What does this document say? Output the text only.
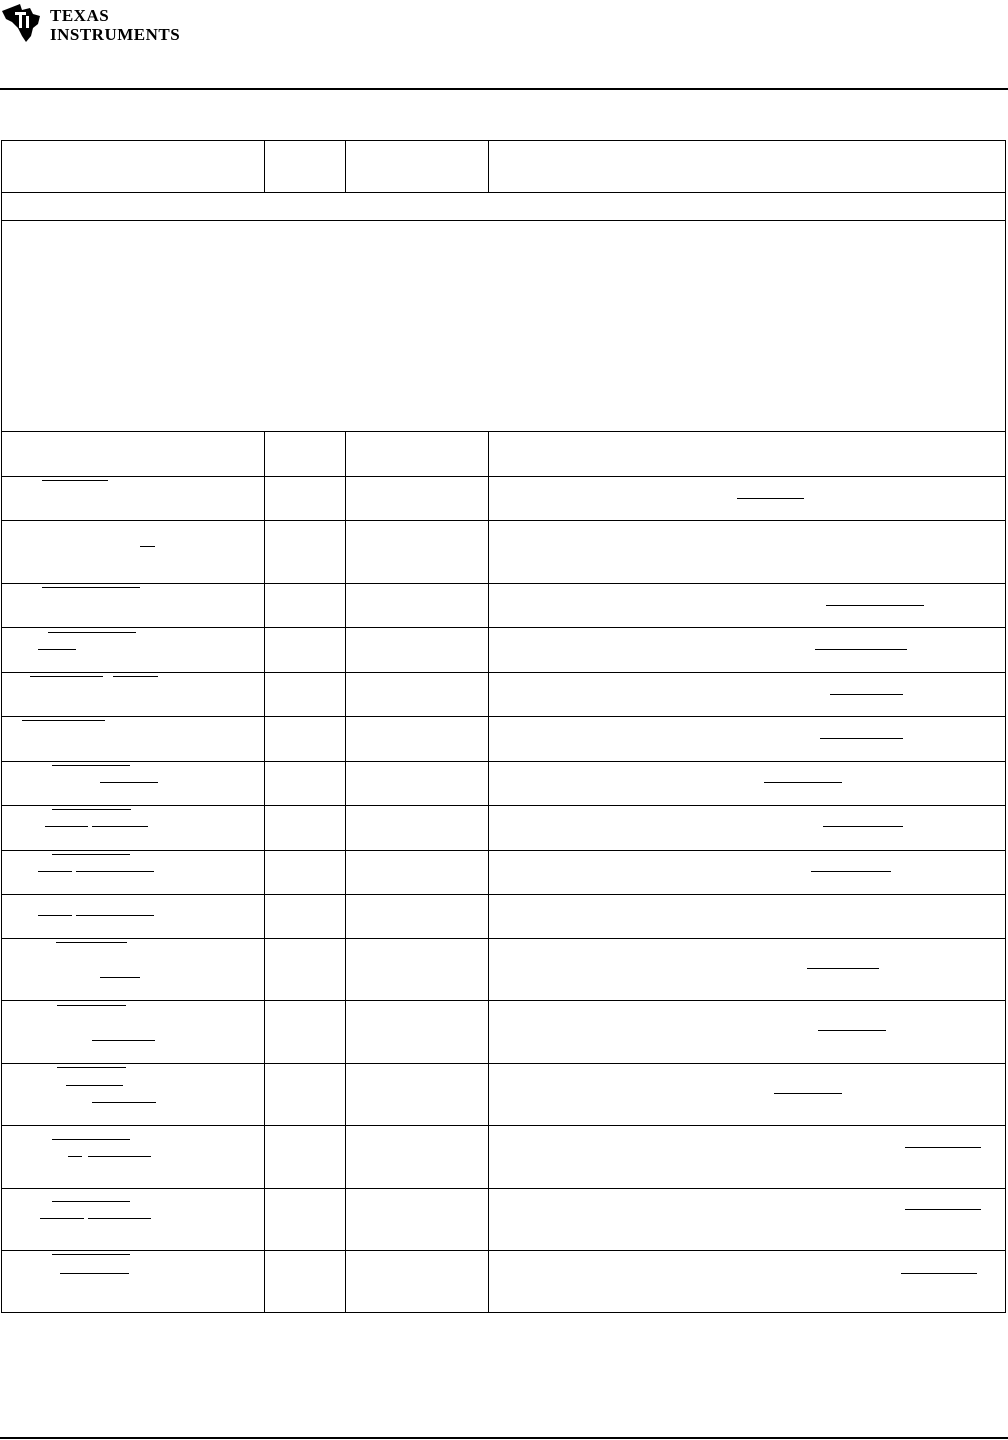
TEXAS
INSTRUMENTS
